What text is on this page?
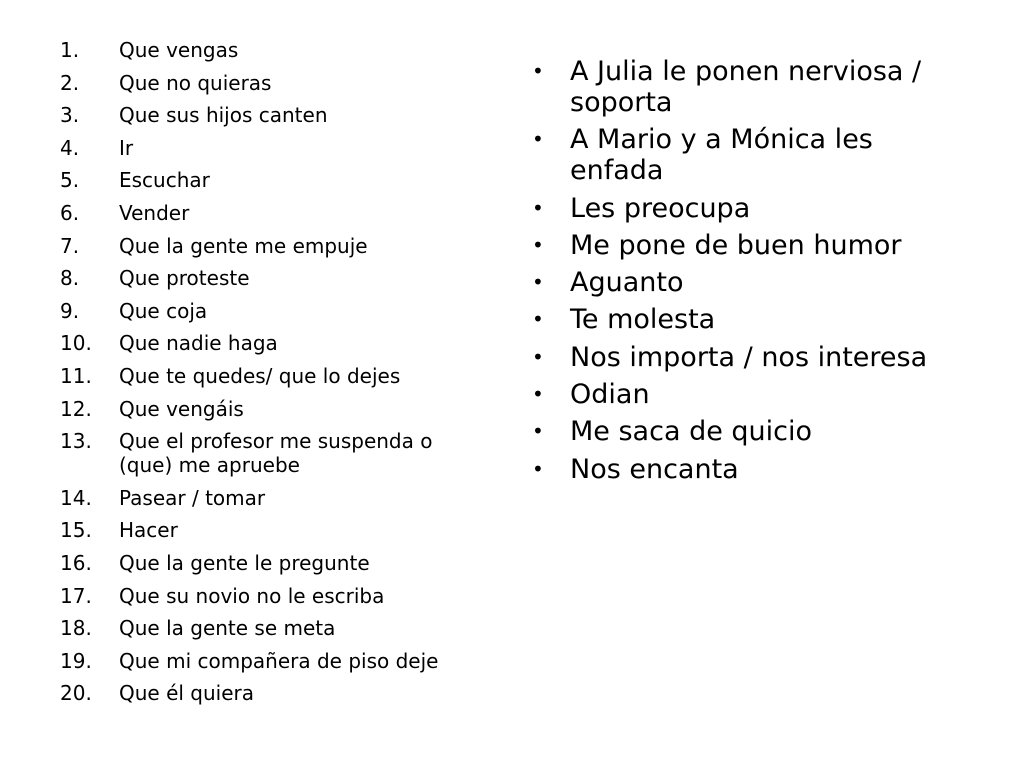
1.	Que vengas
2.	Que no quieras
3.	Que sus hijos canten
4.	Ir
5.	Escuchar
6.	Vender
7.	Que la gente me empuje
8.	Que proteste
9.	Que coja
10.	Que nadie haga
11.	Que te quedes/ que lo dejes
12.	Que vengáis
13.	Que el profesor me suspenda o (que) me apruebe
14.	Pasear / tomar
15.	Hacer
16.	Que la gente le pregunte
17.	Que su novio no le escriba
18.	Que la gente se meta
19.	Que mi compañera de piso deje
20.	Que él quiera
• A Julia le ponen nerviosa / soporta
• A Mario y a Mónica les enfada
• Les preocupa
• Me pone de buen humor
• Aguanto
• Te molesta
• Nos importa / nos interesa
• Odian
• Me saca de quicio
• Nos encanta
